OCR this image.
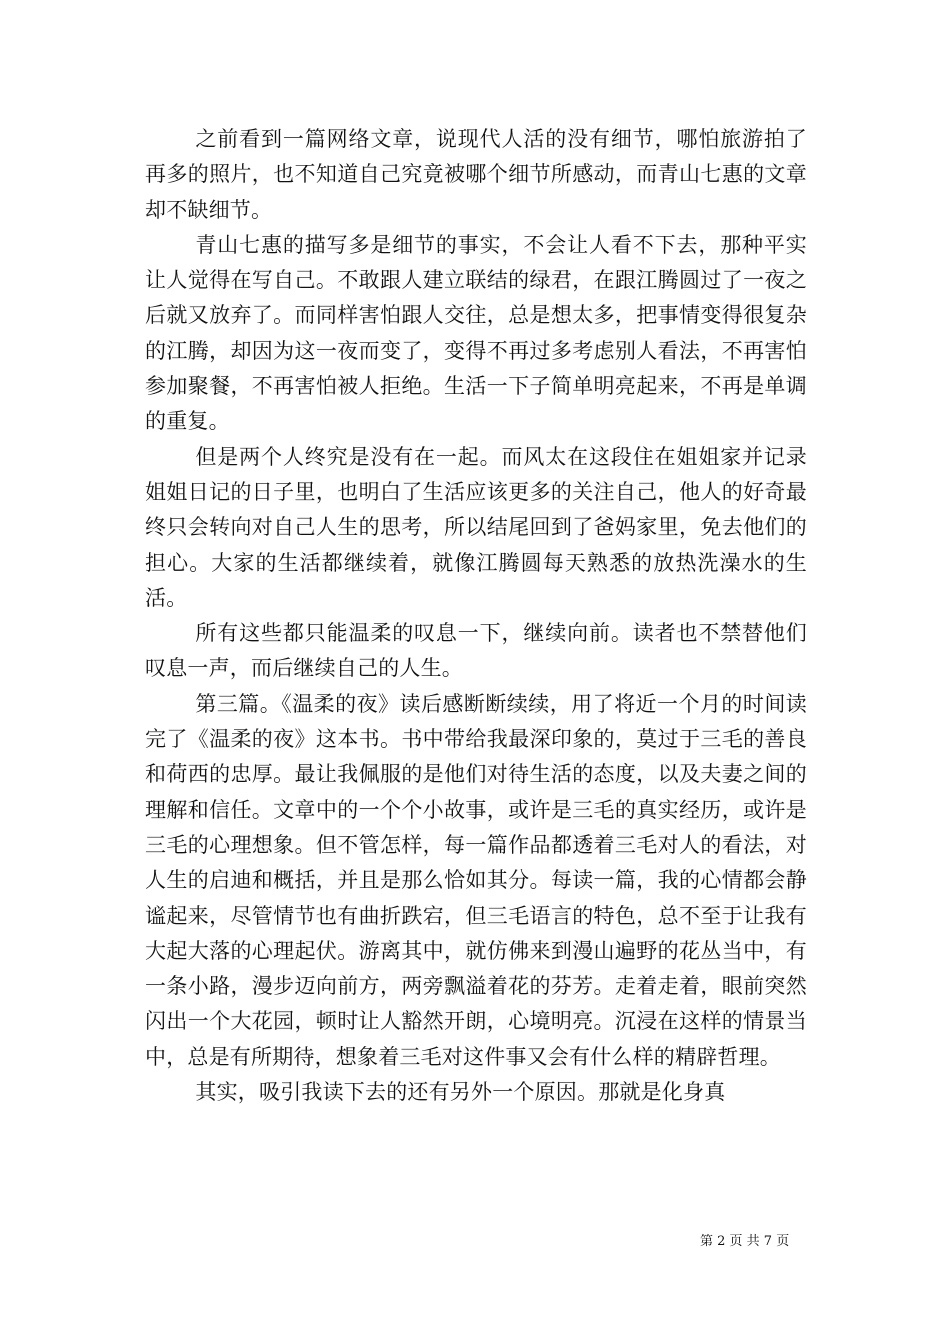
之前看到一篇网络文章，说现代人活的没有细节，哪怕旅游拍了再多的照片，也不知道自己究竟被哪个细节所感动，而青山七惠的文章却不缺细节。

青山七惠的描写多是细节的事实，不会让人看不下去，那种平实让人觉得在写自己。不敢跟人建立联结的绿君，在跟江腾圆过了一夜之后就又放弃了。而同样害怕跟人交往，总是想太多，把事情变得很复杂的江腾，却因为这一夜而变了，变得不再过多考虑别人看法，不再害怕参加聚餐，不再害怕被人拒绝。生活一下子简单明亮起来，不再是单调的重复。

但是两个人终究是没有在一起。而风太在这段住在姐姐家并记录姐姐日记的日子里，也明白了生活应该更多的关注自己，他人的好奇最终只会转向对自己人生的思考，所以结尾回到了爸妈家里，免去他们的担心。大家的生活都继续着，就像江腾圆每天熟悉的放热洗澡水的生活。

所有这些都只能温柔的叹息一下，继续向前。读者也不禁替他们叹息一声，而后继续自己的人生。

第三篇。《温柔的夜》读后感断断续续，用了将近一个月的时间读完了《温柔的夜》这本书。书中带给我最深印象的，莫过于三毛的善良和荷西的忠厚。最让我佩服的是他们对待生活的态度，以及夫妻之间的理解和信任。文章中的一个个小故事，或许是三毛的真实经历，或许是三毛的心理想象。但不管怎样，每一篇作品都透着三毛对人的看法，对人生的启迪和概括，并且是那么恰如其分。每读一篇，我的心情都会静谧起来，尽管情节也有曲折跌宕，但三毛语言的特色，总不至于让我有大起大落的心理起伏。游离其中，就仿佛来到漫山遍野的花丛当中，有一条小路，漫步迈向前方，两旁飘溢着花的芬芳。走着走着，眼前突然闪出一个大花园，顿时让人豁然开朗，心境明亮。沉浸在这样的情景当中，总是有所期待，想象着三毛对这件事又会有什么样的精辟哲理。

其实，吸引我读下去的还有另外一个原因。那就是化身真

第 2 页 共 7 页
